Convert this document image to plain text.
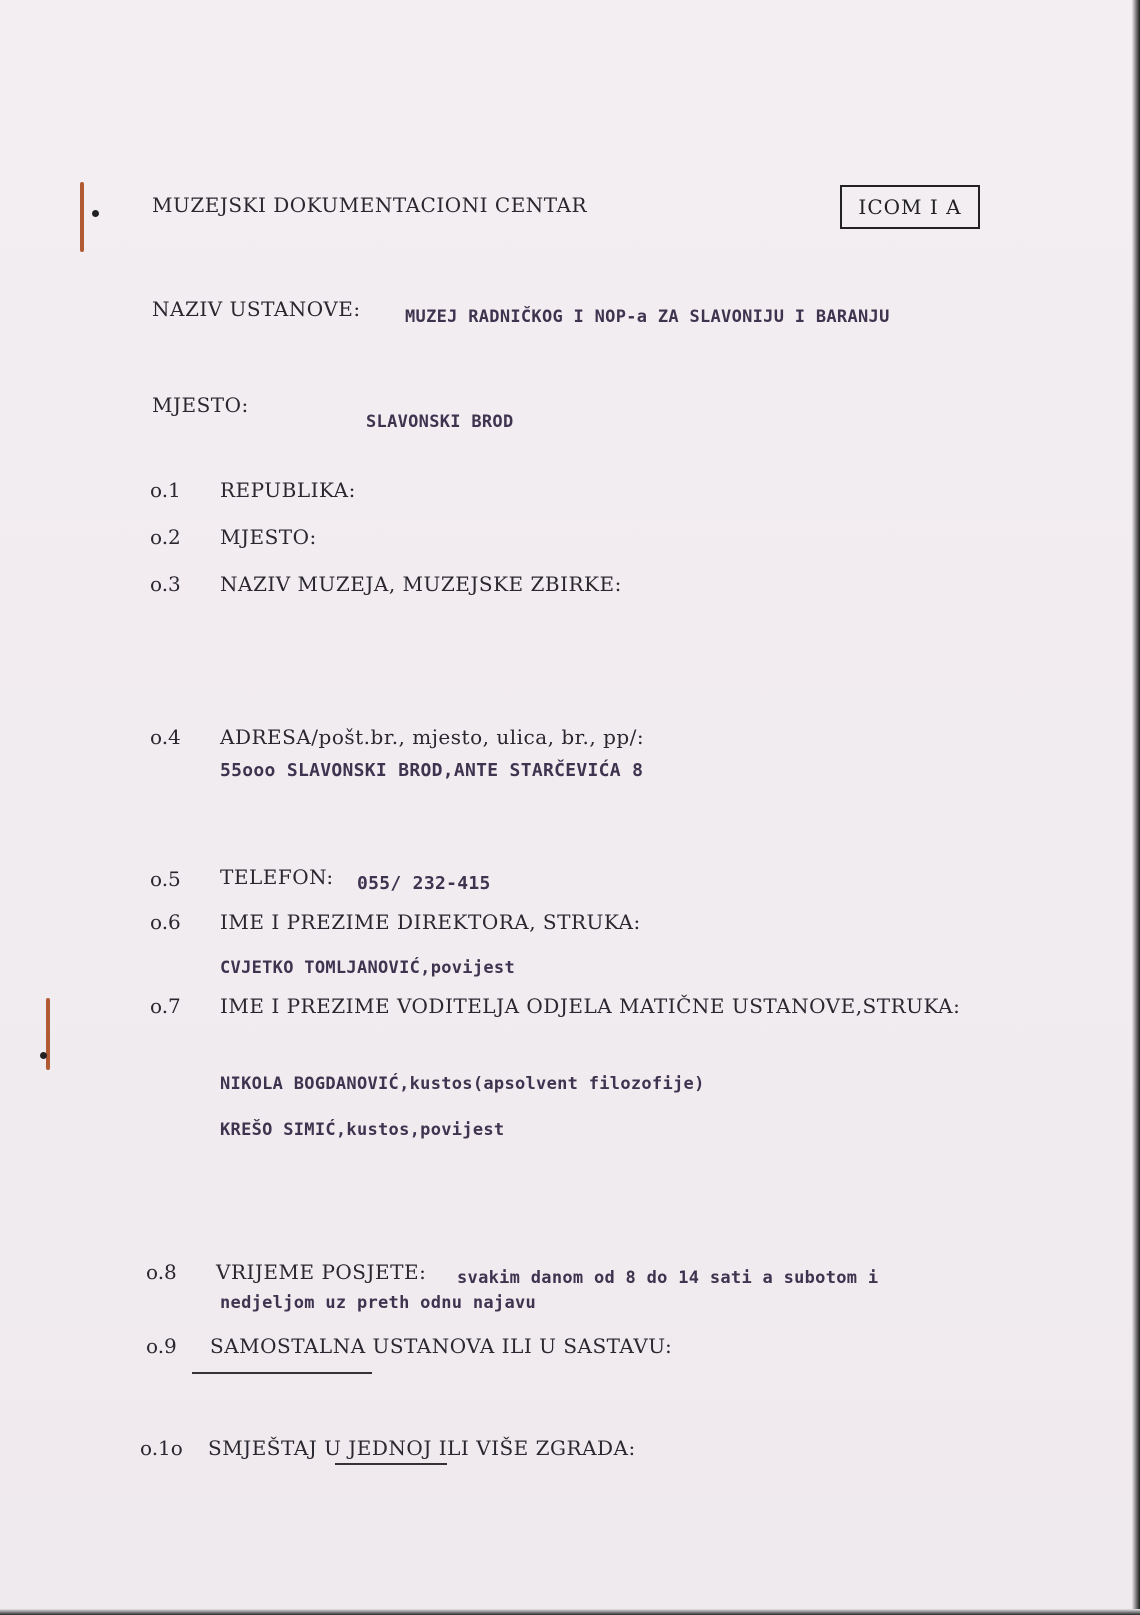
MUZEJSKI DOKUMENTACIONI CENTAR	ICOM I A
NAZIV USTANOVE:	MUZEJ RADNIČKOG I NOP-a ZA SLAVONIJU I BARANJU
MJESTO:
SLAVONSKI BROD
o.1 REPUBLIKA:
o.2 MJESTO:
o.3 NAZIV MUZEJA, MUZEJSKE ZBIRKE:
o.4 ADRESA/pošt.br., mjesto, ulica, br., pp/:
55ooo SLAVONSKI BROD,ANTE STARČEVIĆA 8
o.5 TELEFON: 055/ 232-415
o.6 IME I PREZIME DIREKTORA, STRUKA:
CVJETKO TOMLJANOVIĆ,povijest
o.7 IME I PREZIME VODITELJA ODJELA MATIČNE USTANOVE,STRUKA:
NIKOLA BOGDANOVIĆ,kustos(apsolvent filozofije)
KREŠO SIMIĆ,kustos,povijest
o.8 VRIJEME POSJETE: svakim danom od 8 do 14 sati a subotom i
nedjeljom uz preth odnu najavu
o.9 SAMOSTALNA USTANOVA ILI U SASTAVU:
o.1o SMJEŠTAJ U JEDNOJ ILI VIŠE ZGRADA:
